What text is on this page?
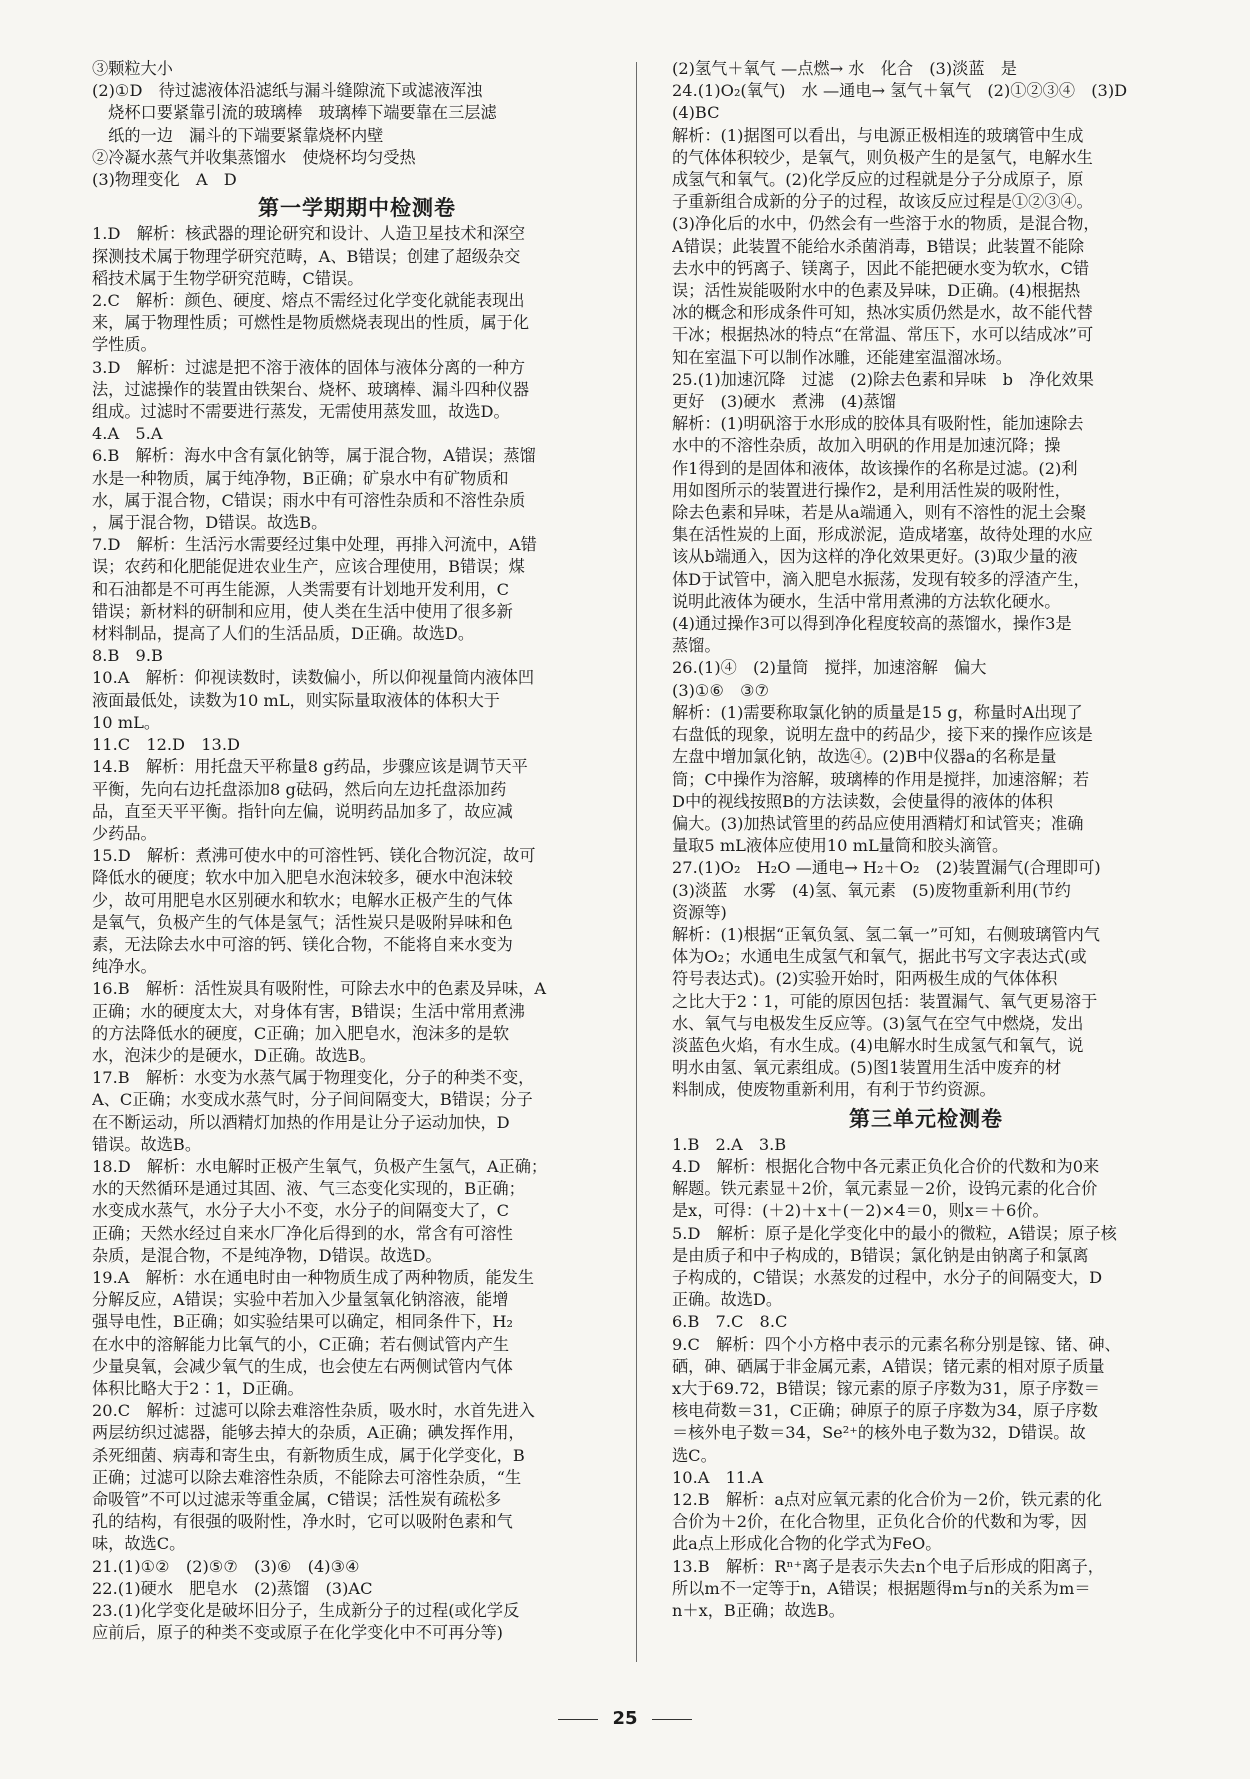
③颗粒大小
(2)①D　待过滤液体沿滤纸与漏斗缝隙流下或滤液浑浊
　烧杯口要紧靠引流的玻璃棒　玻璃棒下端要靠在三层滤
　纸的一边　漏斗的下端要紧靠烧杯内壁
②冷凝水蒸气并收集蒸馏水　使烧杯均匀受热
(3)物理变化　A　D
第一学期期中检测卷
1.D　解析：核武器的理论研究和设计、人造卫星技术和深空
探测技术属于物理学研究范畴，A、B错误；创建了超级杂交
稻技术属于生物学研究范畴，C错误。
2.C　解析：颜色、硬度、熔点不需经过化学变化就能表现出
来，属于物理性质；可燃性是物质燃烧表现出的性质，属于化
学性质。
3.D　解析：过滤是把不溶于液体的固体与液体分离的一种方
法，过滤操作的装置由铁架台、烧杯、玻璃棒、漏斗四种仪器
组成。过滤时不需要进行蒸发，无需使用蒸发皿，故选D。
4.A　5.A
6.B　解析：海水中含有氯化钠等，属于混合物，A错误；蒸馏
水是一种物质，属于纯净物，B正确；矿泉水中有矿物质和
水，属于混合物，C错误；雨水中有可溶性杂质和不溶性杂质
，属于混合物，D错误。故选B。
7.D　解析：生活污水需要经过集中处理，再排入河流中，A错
误；农药和化肥能促进农业生产，应该合理使用，B错误；煤
和石油都是不可再生能源，人类需要有计划地开发利用，C
错误；新材料的研制和应用，使人类在生活中使用了很多新
材料制品，提高了人们的生活品质，D正确。故选D。
8.B　9.B
10.A　解析：仰视读数时，读数偏小，所以仰视量筒内液体凹
液面最低处，读数为10 mL，则实际量取液体的体积大于
10 mL。
11.C　12.D　13.D
14.B　解析：用托盘天平称量8 g药品，步骤应该是调节天平
平衡，先向右边托盘添加8 g砝码，然后向左边托盘添加药
品，直至天平平衡。指针向左偏，说明药品加多了，故应减
少药品。
15.D　解析：煮沸可使水中的可溶性钙、镁化合物沉淀，故可
降低水的硬度；软水中加入肥皂水泡沫较多，硬水中泡沫较
少，故可用肥皂水区别硬水和软水；电解水正极产生的气体
是氧气，负极产生的气体是氢气；活性炭只是吸附异味和色
素，无法除去水中可溶的钙、镁化合物，不能将自来水变为
纯净水。
16.B　解析：活性炭具有吸附性，可除去水中的色素及异味，A
正确；水的硬度太大，对身体有害，B错误；生活中常用煮沸
的方法降低水的硬度，C正确；加入肥皂水，泡沫多的是软
水，泡沫少的是硬水，D正确。故选B。
17.B　解析：水变为水蒸气属于物理变化，分子的种类不变，
A、C正确；水变成水蒸气时，分子间间隔变大，B错误；分子
在不断运动，所以酒精灯加热的作用是让分子运动加快，D
错误。故选B。
18.D　解析：水电解时正极产生氧气，负极产生氢气，A正确；
水的天然循环是通过其固、液、气三态变化实现的，B正确；
水变成水蒸气，水分子大小不变，水分子的间隔变大了，C
正确；天然水经过自来水厂净化后得到的水，常含有可溶性
杂质，是混合物，不是纯净物，D错误。故选D。
19.A　解析：水在通电时由一种物质生成了两种物质，能发生
分解反应，A错误；实验中若加入少量氢氧化钠溶液，能增
强导电性，B正确；如实验结果可以确定，相同条件下，H₂
在水中的溶解能力比氧气的小，C正确；若右侧试管内产生
少量臭氧，会减少氧气的生成，也会使左右两侧试管内气体
体积比略大于2∶1，D正确。
20.C　解析：过滤可以除去难溶性杂质，吸水时，水首先进入
两层纺织过滤器，能够去掉大的杂质，A正确；碘发挥作用，
杀死细菌、病毒和寄生虫，有新物质生成，属于化学变化，B
正确；过滤可以除去难溶性杂质，不能除去可溶性杂质，“生
命吸管”不可以过滤汞等重金属，C错误；活性炭有疏松多
孔的结构，有很强的吸附性，净水时，它可以吸附色素和气
味，故选C。
21.(1)①②　(2)⑤⑦　(3)⑥　(4)③④
22.(1)硬水　肥皂水　(2)蒸馏　(3)AC
23.(1)化学变化是破坏旧分子，生成新分子的过程(或化学反
应前后，原子的种类不变或原子在化学变化中不可再分等)
(2)氢气＋氧气 —点燃→ 水　化合　(3)淡蓝　是
24.(1)O₂(氧气)　水 —通电→ 氢气＋氧气　(2)①②③④　(3)D
(4)BC
解析：(1)据图可以看出，与电源正极相连的玻璃管中生成
的气体体积较少，是氧气，则负极产生的是氢气，电解水生
成氢气和氧气。(2)化学反应的过程就是分子分成原子，原
子重新组合成新的分子的过程，故该反应过程是①②③④。
(3)净化后的水中，仍然会有一些溶于水的物质，是混合物，
A错误；此装置不能给水杀菌消毒，B错误；此装置不能除
去水中的钙离子、镁离子，因此不能把硬水变为软水，C错
误；活性炭能吸附水中的色素及异味，D正确。(4)根据热
冰的概念和形成条件可知，热冰实质仍然是水，故不能代替
干冰；根据热冰的特点“在常温、常压下，水可以结成冰”可
知在室温下可以制作冰雕，还能建室温溜冰场。
25.(1)加速沉降　过滤　(2)除去色素和异味　b　净化效果
更好　(3)硬水　煮沸　(4)蒸馏
解析：(1)明矾溶于水形成的胶体具有吸附性，能加速除去
水中的不溶性杂质，故加入明矾的作用是加速沉降；操
作1得到的是固体和液体，故该操作的名称是过滤。(2)利
用如图所示的装置进行操作2，是利用活性炭的吸附性，
除去色素和异味，若是从a端通入，则有不溶性的泥土会聚
集在活性炭的上面，形成淤泥，造成堵塞，故待处理的水应
该从b端通入，因为这样的净化效果更好。(3)取少量的液
体D于试管中，滴入肥皂水振荡，发现有较多的浮渣产生，
说明此液体为硬水，生活中常用煮沸的方法软化硬水。
(4)通过操作3可以得到净化程度较高的蒸馏水，操作3是
蒸馏。
26.(1)④　(2)量筒　搅拌，加速溶解　偏大
(3)①⑥　③⑦
解析：(1)需要称取氯化钠的质量是15 g，称量时A出现了
右盘低的现象，说明左盘中的药品少，接下来的操作应该是
左盘中增加氯化钠，故选④。(2)B中仪器a的名称是量
筒；C中操作为溶解，玻璃棒的作用是搅拌，加速溶解；若
D中的视线按照B的方法读数，会使量得的液体的体积
偏大。(3)加热试管里的药品应使用酒精灯和试管夹；准确
量取5 mL液体应使用10 mL量筒和胶头滴管。
27.(1)O₂　H₂O —通电→ H₂＋O₂　(2)装置漏气(合理即可)
(3)淡蓝　水雾　(4)氢、氧元素　(5)废物重新利用(节约
资源等)
解析：(1)根据“正氧负氢、氢二氧一”可知，右侧玻璃管内气
体为O₂；水通电生成氢气和氧气，据此书写文字表达式(或
符号表达式)。(2)实验开始时，阳两极生成的气体体积
之比大于2∶1，可能的原因包括：装置漏气、氧气更易溶于
水、氧气与电极发生反应等。(3)氢气在空气中燃烧，发出
淡蓝色火焰，有水生成。(4)电解水时生成氢气和氧气，说
明水由氢、氧元素组成。(5)图1装置用生活中废弃的材
料制成，使废物重新利用，有利于节约资源。
第三单元检测卷
1.B　2.A　3.B
4.D　解析：根据化合物中各元素正负化合价的代数和为0来
解题。铁元素显＋2价，氧元素显－2价，设钨元素的化合价
是x，可得：(＋2)＋x＋(－2)×4＝0，则x＝＋6价。
5.D　解析：原子是化学变化中的最小的微粒，A错误；原子核
是由质子和中子构成的，B错误；氯化钠是由钠离子和氯离
子构成的，C错误；水蒸发的过程中，水分子的间隔变大，D
正确。故选D。
6.B　7.C　8.C
9.C　解析：四个小方格中表示的元素名称分别是镓、锗、砷、
硒，砷、硒属于非金属元素，A错误；锗元素的相对原子质量
x大于69.72，B错误；镓元素的原子序数为31，原子序数＝
核电荷数＝31，C正确；砷原子的原子序数为34，原子序数
＝核外电子数＝34，Se²⁺的核外电子数为32，D错误。故
选C。
10.A　11.A
12.B　解析：a点对应氧元素的化合价为－2价，铁元素的化
合价为＋2价，在化合物里，正负化合价的代数和为零，因
此a点上形成化合物的化学式为FeO。
13.B　解析：Rⁿ⁺离子是表示失去n个电子后形成的阳离子，
所以m不一定等于n，A错误；根据题得m与n的关系为m＝
n＋x，B正确；故选B。
25
